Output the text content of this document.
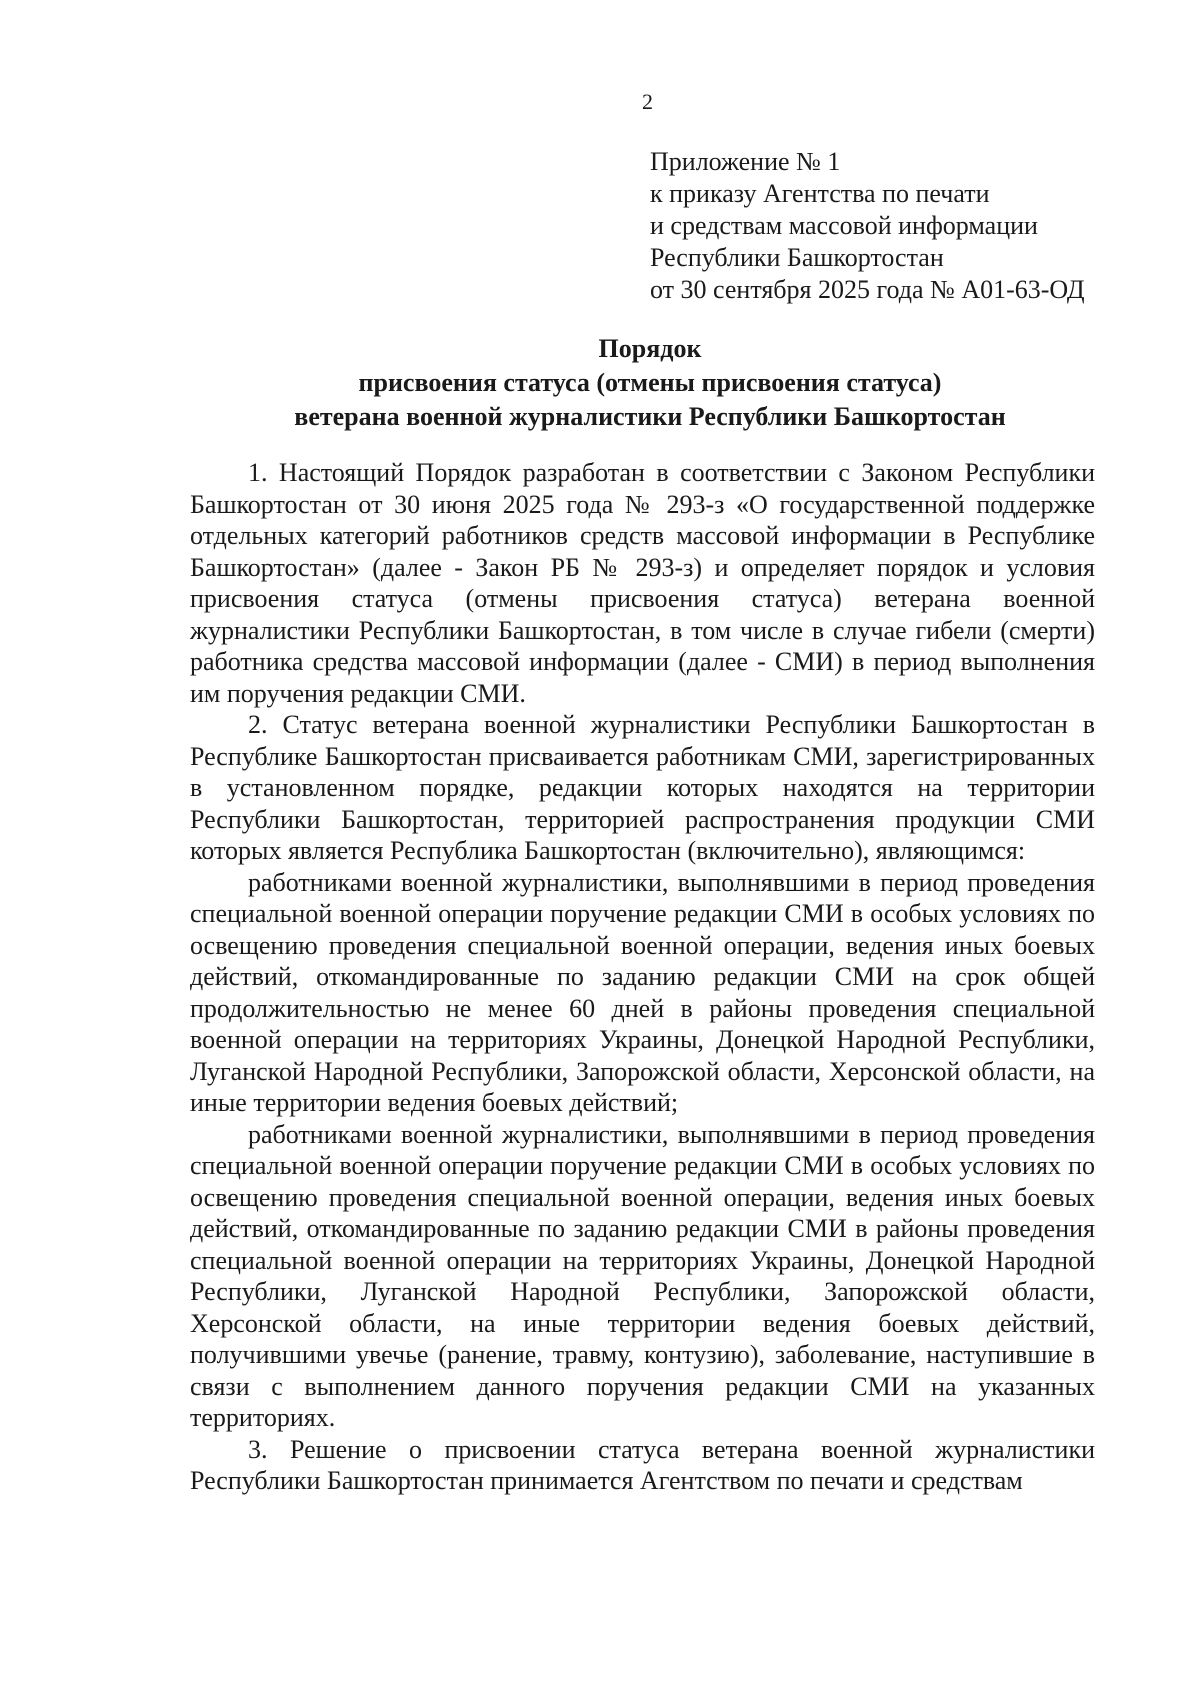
2
Приложение № 1
к приказу Агентства по печати
и средствам массовой информации
Республики Башкортостан
от 30 сентября 2025 года № А01-63-ОД
Порядок
присвоения статуса (отмены присвоения статуса)
ветерана военной журналистики Республики Башкортостан

1. Настоящий Порядок разработан в соответствии с Законом Республики Башкортостан от 30 июня 2025 года № 293-з «О государственной поддержке отдельных категорий работников средств массовой информации в Республике Башкортостан» (далее - Закон РБ № 293-з) и определяет порядок и условия присвоения статуса (отмены присвоения статуса) ветерана военной журналистики Республики Башкортостан, в том числе в случае гибели (смерти) работника средства массовой информации (далее - СМИ) в период выполнения им поручения редакции СМИ.

2. Статус ветерана военной журналистики Республики Башкортостан в Республике Башкортостан присваивается работникам СМИ, зарегистрированных в установленном порядке, редакции которых находятся на территории Республики Башкортостан, территорией распространения продукции СМИ которых является Республика Башкортостан (включительно), являющимся:

работниками военной журналистики, выполнявшими в период проведения специальной военной операции поручение редакции СМИ в особых условиях по освещению проведения специальной военной операции, ведения иных боевых действий, откомандированные по заданию редакции СМИ на срок общей продолжительностью не менее 60 дней в районы проведения специальной военной операции на территориях Украины, Донецкой Народной Республики, Луганской Народной Республики, Запорожской области, Херсонской области, на иные территории ведения боевых действий;

работниками военной журналистики, выполнявшими в период проведения специальной военной операции поручение редакции СМИ в особых условиях по освещению проведения специальной военной операции, ведения иных боевых действий, откомандированные по заданию редакции СМИ в районы проведения специальной военной операции на территориях Украины, Донецкой Народной Республики, Луганской Народной Республики, Запорожской области, Херсонской области, на иные территории ведения боевых действий, получившими увечье (ранение, травму, контузию), заболевание, наступившие в связи с выполнением данного поручения редакции СМИ на указанных территориях.

3. Решение о присвоении статуса ветерана военной журналистики Республики Башкортостан принимается Агентством по печати и средствам
